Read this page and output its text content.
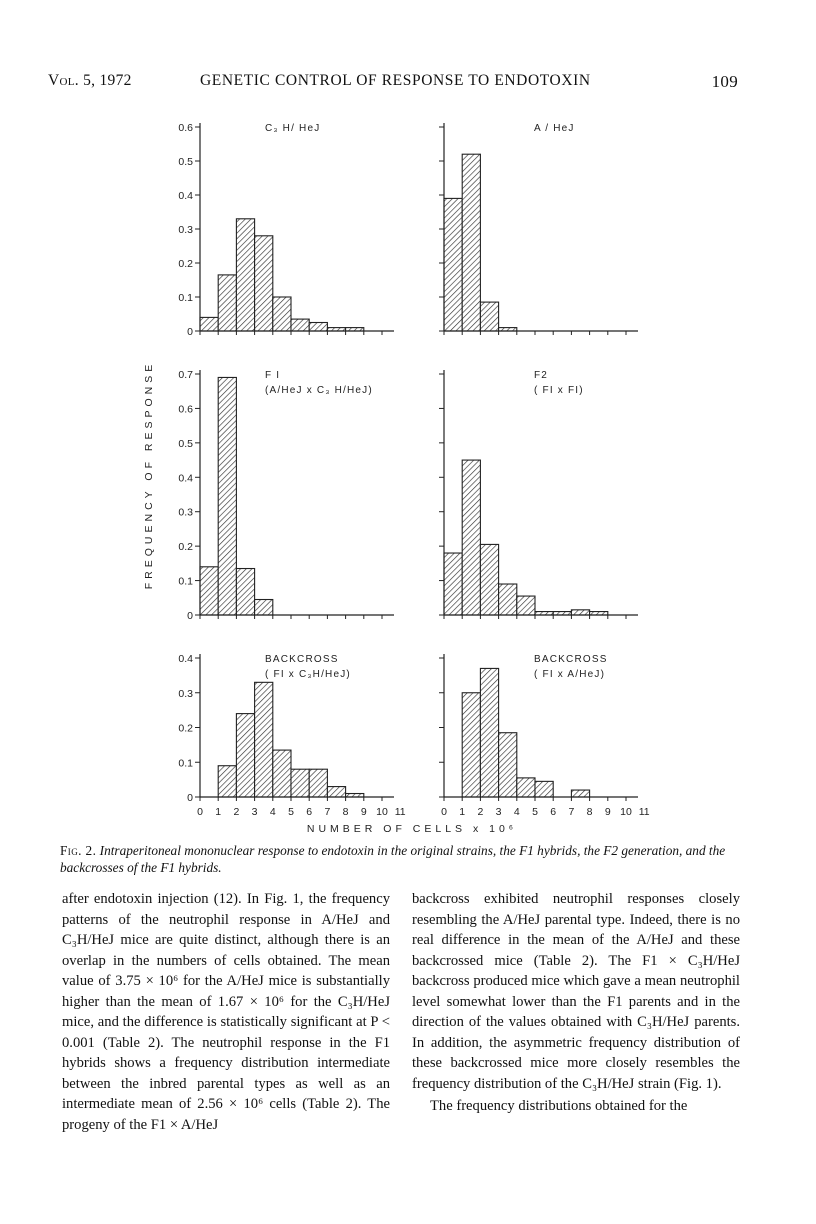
Vol. 5, 1972	GENETIC CONTROL OF RESPONSE TO ENDOTOXIN	109
FREQUENCY OF RESPONSE
NUMBER OF CELLS x 10⁶
0
0.1
0.2
0.3
0.4
0.5
0.6	C₃ H/ HeJ	A / HeJ
0
0.1
0.2
0.3
0.4
0.5
0.6
0.7	F I
(A/HeJ x C₃ H/HeJ)
F2
( FI x FI)
0
0.1
0.2
0.3
0.4	BACKCROSS
( FI x C₃H/HeJ)
BACKCROSS
( FI x A/HeJ)
0 1 2 3 4 5 6 7 8 9 10 11	0 1 2 3 4 5 6 7 8 9 10 11
Fig. 2. Intraperitoneal mononuclear response to endotoxin in the original strains, the F1 hybrids, the F2 generation, and the backcrosses of the F1 hybrids.

after endotoxin injection (12). In Fig. 1, the frequency patterns of the neutrophil response in A/HeJ and C₃H/HeJ mice are quite distinct, although there is an overlap in the numbers of cells obtained. The mean value of 3.75 × 10⁶ for the A/HeJ mice is substantially higher than the mean of 1.67 × 10⁶ for the C₃H/HeJ mice, and the difference is statistically significant at P < 0.001 (Table 2). The neutrophil response in the F1 hybrids shows a frequency distribution intermediate between the inbred parental types as well as an intermediate mean of 2.56 × 10⁶ cells (Table 2). The progeny of the F1 × A/HeJ

backcross exhibited neutrophil responses closely resembling the A/HeJ parental type. Indeed, there is no real difference in the mean of the A/HeJ and these backcrossed mice (Table 2). The F1 × C₃H/HeJ backcross produced mice which gave a mean neutrophil level somewhat lower than the F1 parents and in the direction of the values obtained with C₃H/HeJ parents. In addition, the asymmetric frequency distribution of these backcrossed mice more closely resembles the frequency distribution of the C₃H/HeJ strain (Fig. 1).

The frequency distributions obtained for the
